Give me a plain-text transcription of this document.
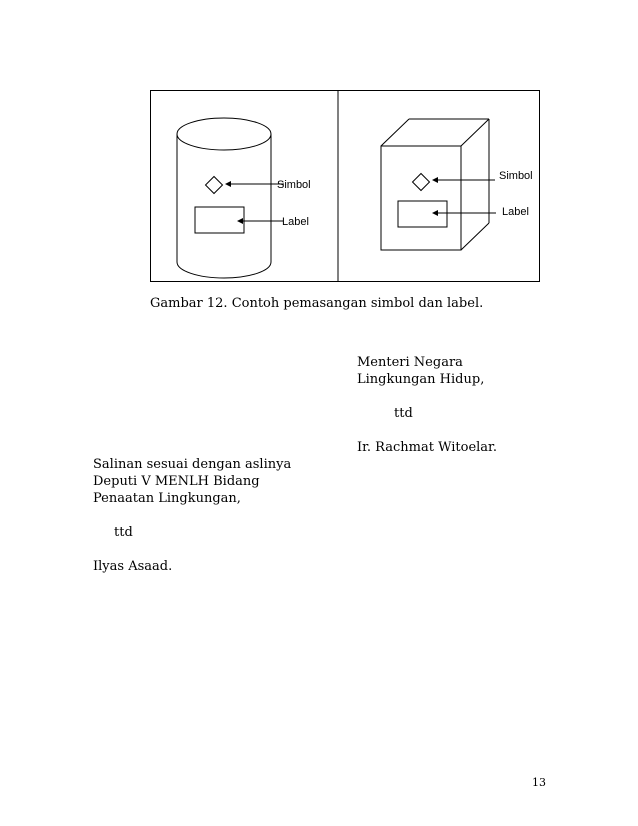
Simbol
Label
Simbol
Label

Gambar 12. Contoh pemasangan simbol dan label.

Menteri Negara
Lingkungan Hidup,
ttd
Ir. Rachmat Witoelar.
Salinan sesuai dengan aslinya
Deputi V MENLH Bidang
Penaatan Lingkungan,
ttd
Ilyas Asaad.
13
